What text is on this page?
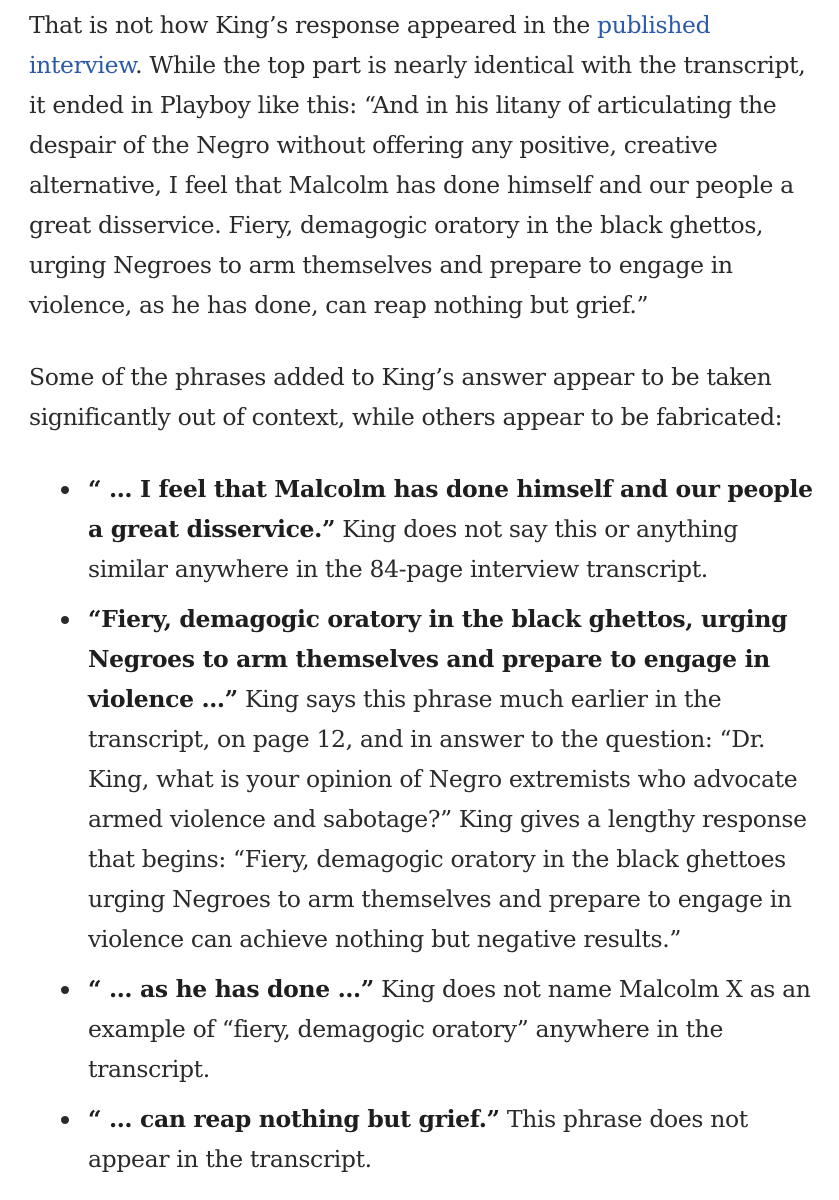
That is not how King’s response appeared in the published interview. While the top part is nearly identical with the transcript, it ended in Playboy like this: “And in his litany of articulating the despair of the Negro without offering any positive, creative alternative, I feel that Malcolm has done himself and our people a great disservice. Fiery, demagogic oratory in the black ghettos, urging Negroes to arm themselves and prepare to engage in violence, as he has done, can reap nothing but grief.”

Some of the phrases added to King’s answer appear to be taken significantly out of context, while others appear to be fabricated:

“ … I feel that Malcolm has done himself and our people a great disservice.” King does not say this or anything similar anywhere in the 84-page interview transcript.
“Fiery, demagogic oratory in the black ghettos, urging Negroes to arm themselves and prepare to engage in violence …” King says this phrase much earlier in the transcript, on page 12, and in answer to the question: “Dr. King, what is your opinion of Negro extremists who advocate armed violence and sabotage?” King gives a lengthy response that begins: “Fiery, demagogic oratory in the black ghettoes urging Negroes to arm themselves and prepare to engage in violence can achieve nothing but negative results.”
“ … as he has done …” King does not name Malcolm X as an example of “fiery, demagogic oratory” anywhere in the transcript.
“ … can reap nothing but grief.” This phrase does not appear in the transcript.
